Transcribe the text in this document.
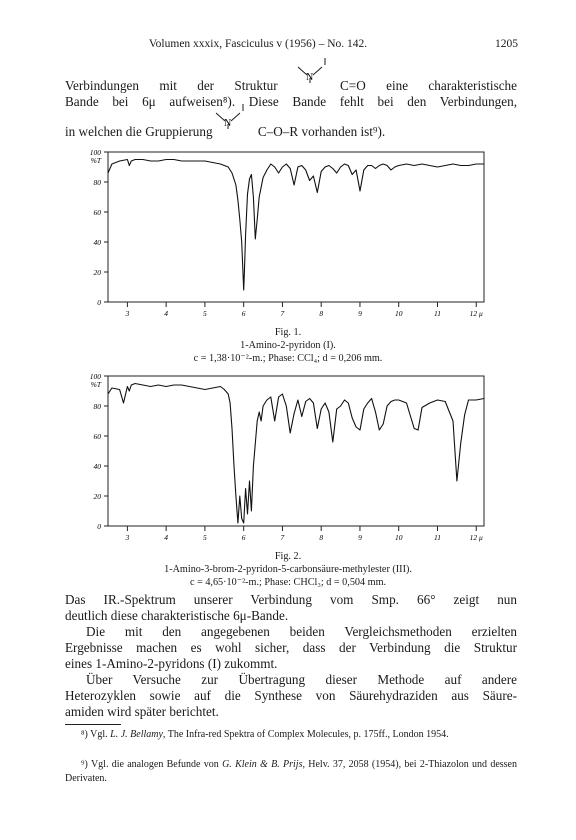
Volumen xxxix, Fasciculus v (1956) – No. 142.	1205
Verbindungen mit der Struktur
N
C=O eine charakteristische
Bande bei 6μ aufweisen⁸). Diese Bande fehlt bei den Verbindungen,
in welchen die Gruppierung
N
C–O–R vorhanden ist⁹).
0
20
40
60
80
100
%T
3	4	5	6	7	8	9	10	11	12 μ
Fig. 1.
1-Amino-2-pyridon (I).
c = 1,38·10⁻²-m.; Phase: CCl₄; d = 0,206 mm.
0
20
40
60
80
100
%T
3	4	5	6	7	8	9	10	11	12 μ
Fig. 2.
1-Amino-3-brom-2-pyridon-5-carbonsäure-methylester (III).
c = 4,65·10⁻²-m.; Phase: CHCl₃; d = 0,504 mm.
Das IR.-Spektrum unserer Verbindung vom Smp. 66° zeigt nun
deutlich diese charakteristische 6μ-Bande.
Die mit den angegebenen beiden Vergleichsmethoden erzielten
Ergebnisse machen es wohl sicher, dass der Verbindung die Struktur
eines 1-Amino-2-pyridons (I) zukommt.
Über Versuche zur Übertragung dieser Methode auf andere
Heterozyklen sowie auf die Synthese von Säurehydraziden aus Säure-
amiden wird später berichtet.
⁸) Vgl. L. J. Bellamy, The Infra-red Spektra of Complex Molecules, p. 175ff., London 1954.
⁹) Vgl. die analogen Befunde von G. Klein & B. Prijs, Helv. 37, 2058 (1954), bei 2-Thiazolon und dessen Derivaten.
